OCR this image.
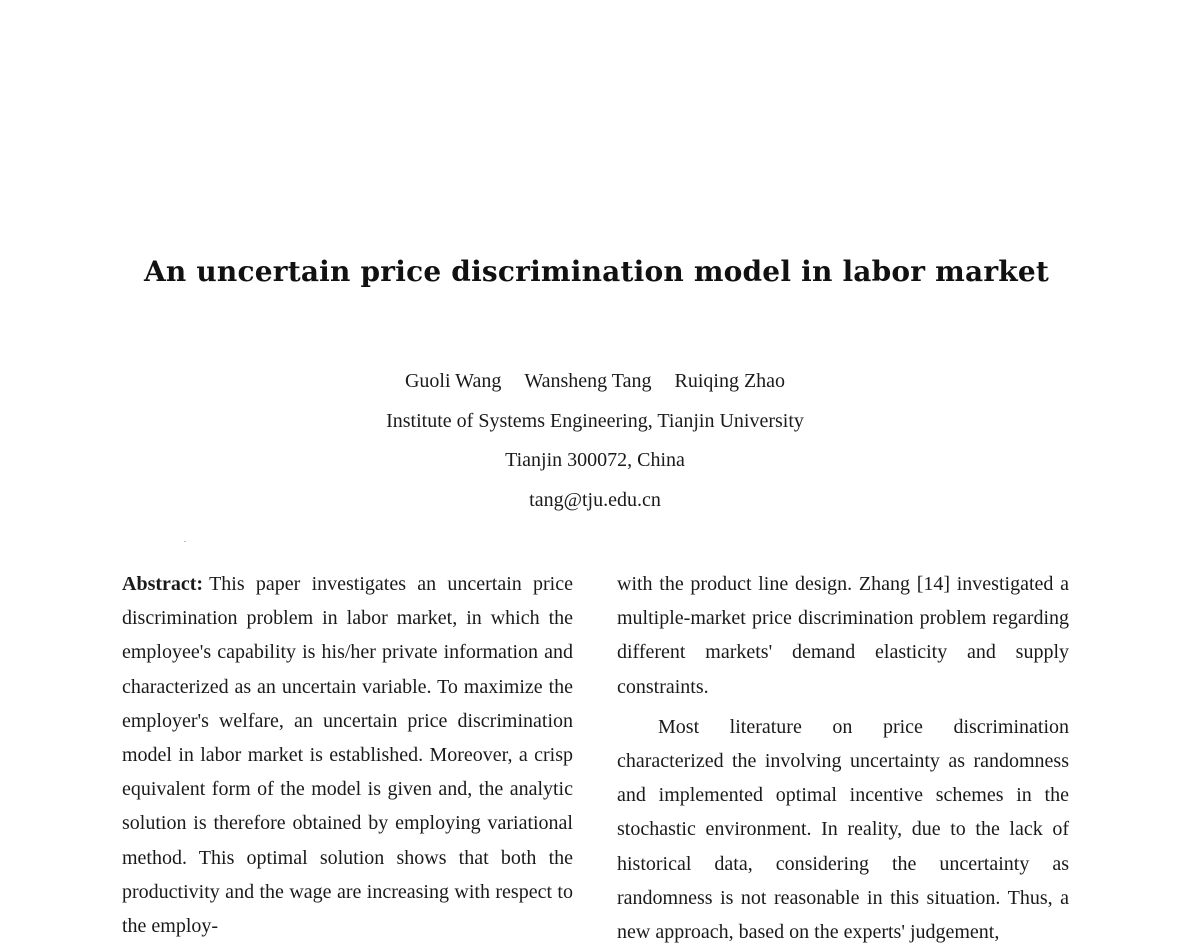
An uncertain price discrimination model in labor market
Guoli Wang Wansheng Tang Ruiqing Zhao
Institute of Systems Engineering, Tianjin University
Tianjin 300072, China
tang@tju.edu.cn

Abstract: This paper investigates an uncertain price discrimination problem in labor market, in which the employee's capability is his/her private information and characterized as an uncertain variable. To maximize the employer's welfare, an uncertain price discrimination model in labor market is established. Moreover, a crisp equivalent form of the model is given and, the analytic solution is therefore obtained by employing variational method. This optimal solution shows that both the productivity and the wage are increasing with respect to the employ-

with the product line design. Zhang [14] investigated a multiple-market price discrimination problem regarding different markets' demand elasticity and supply constraints.

Most literature on price discrimination characterized the involving uncertainty as randomness and implemented optimal incentive schemes in the stochastic environment. In reality, due to the lack of historical data, considering the uncertainty as randomness is not reasonable in this situation. Thus, a new approach, based on the experts' judgement,
